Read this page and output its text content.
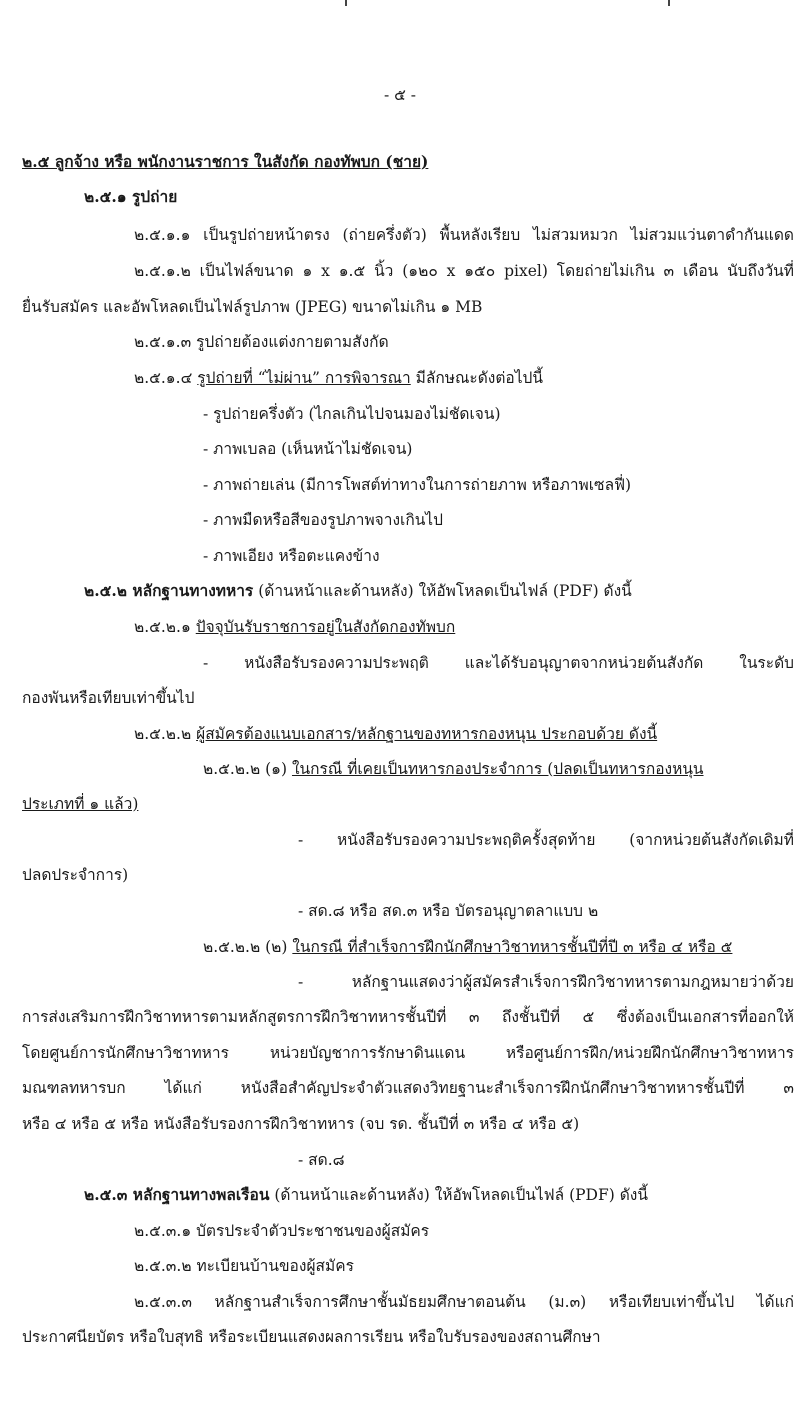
- ๕ -
๒.๕ ลูกจ้าง หรือ พนักงานราชการ ในสังกัด กองทัพบก (ชาย)
๒.๕.๑ รูปถ่าย
๒.๕.๑.๑ เป็นรูปถ่ายหน้าตรง (ถ่ายครึ่งตัว) พื้นหลังเรียบ ไม่สวมหมวก ไม่สวมแว่นตาดำกันแดด
๒.๕.๑.๒ เป็นไฟล์ขนาด ๑ x ๑.๕ นิ้ว (๑๒๐ x ๑๕๐ pixel) โดยถ่ายไม่เกิน ๓ เดือน นับถึงวันที่
ยื่นรับสมัคร และอัพโหลดเป็นไฟล์รูปภาพ (JPEG) ขนาดไม่เกิน ๑ MB
๒.๕.๑.๓ รูปถ่ายต้องแต่งกายตามสังกัด
๒.๕.๑.๔ รูปถ่ายที่ “ไม่ผ่าน” การพิจารณา มีลักษณะดังต่อไปนี้
- รูปถ่ายครึ่งตัว (ไกลเกินไปจนมองไม่ชัดเจน)
- ภาพเบลอ (เห็นหน้าไม่ชัดเจน)
- ภาพถ่ายเล่น (มีการโพสต์ท่าทางในการถ่ายภาพ หรือภาพเซลฟี่)
- ภาพมืดหรือสีของรูปภาพจางเกินไป
- ภาพเอียง หรือตะแคงข้าง
๒.๕.๒ หลักฐานทางทหาร (ด้านหน้าและด้านหลัง) ให้อัพโหลดเป็นไฟล์ (PDF) ดังนี้
๒.๕.๒.๑ ปัจจุบันรับราชการอยู่ในสังกัดกองทัพบก
- หนังสือรับรองความประพฤติ และได้รับอนุญาตจากหน่วยต้นสังกัด ในระดับ
กองพันหรือเทียบเท่าขึ้นไป
๒.๕.๒.๒ ผู้สมัครต้องแนบเอกสาร/หลักฐานของทหารกองหนุน ประกอบด้วย ดังนี้
๒.๕.๒.๒ (๑) ในกรณี ที่เคยเป็นทหารกองประจำการ (ปลดเป็นทหารกองหนุน
ประเภทที่ ๑ แล้ว)
- หนังสือรับรองความประพฤติครั้งสุดท้าย (จากหน่วยต้นสังกัดเดิมที่
ปลดประจำการ)
- สด.๘ หรือ สด.๓ หรือ บัตรอนุญาตลาแบบ ๒
๒.๕.๒.๒ (๒) ในกรณี ที่สำเร็จการฝึกนักศึกษาวิชาทหารชั้นปีที่ปี ๓ หรือ ๔ หรือ ๕
- หลักฐานแสดงว่าผู้สมัครสำเร็จการฝึกวิชาทหารตามกฎหมายว่าด้วย
การส่งเสริมการฝึกวิชาทหารตามหลักสูตรการฝึกวิชาทหารชั้นปีที่ ๓ ถึงชั้นปีที่ ๕ ซึ่งต้องเป็นเอกสารที่ออกให้
โดยศูนย์การนักศึกษาวิชาทหาร หน่วยบัญชาการรักษาดินแดน หรือศูนย์การฝึก/หน่วยฝึกนักศึกษาวิชาทหาร
มณฑลทหารบก ได้แก่ หนังสือสำคัญประจำตัวแสดงวิทยฐานะสำเร็จการฝึกนักศึกษาวิชาทหารชั้นปีที่ ๓
หรือ ๔ หรือ ๕ หรือ หนังสือรับรองการฝึกวิชาทหาร (จบ รด. ชั้นปีที่ ๓ หรือ ๔ หรือ ๕)
- สด.๘
๒.๕.๓ หลักฐานทางพลเรือน (ด้านหน้าและด้านหลัง) ให้อัพโหลดเป็นไฟล์ (PDF) ดังนี้
๒.๕.๓.๑ บัตรประจำตัวประชาชนของผู้สมัคร
๒.๕.๓.๒ ทะเบียนบ้านของผู้สมัคร
๒.๕.๓.๓ หลักฐานสำเร็จการศึกษาชั้นมัธยมศึกษาตอนต้น (ม.๓) หรือเทียบเท่าขึ้นไป ได้แก่
ประกาศนียบัตร หรือใบสุทธิ หรือระเบียนแสดงผลการเรียน หรือใบรับรองของสถานศึกษา
